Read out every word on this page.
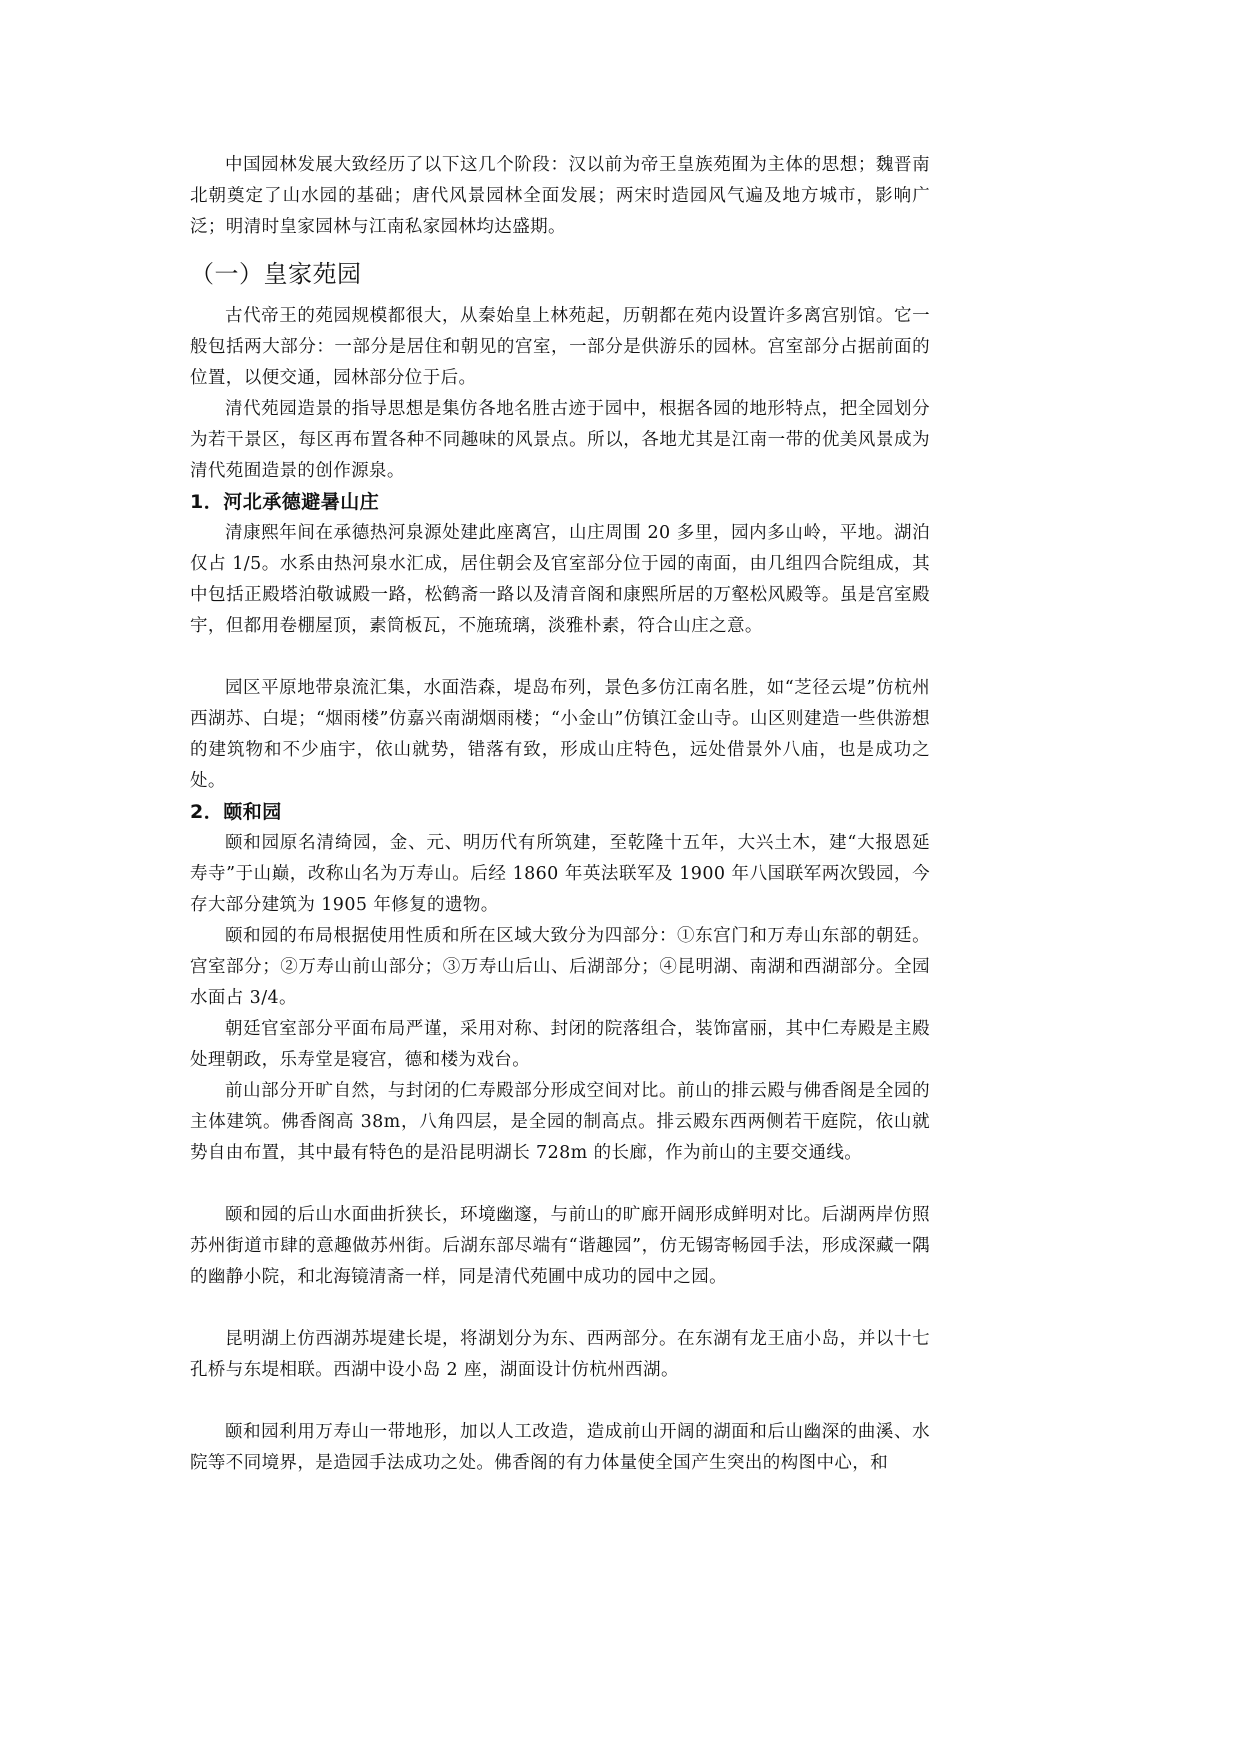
中国园林发展大致经历了以下这几个阶段：汉以前为帝王皇族苑囿为主体的思想；魏晋南北朝奠定了山水园的基础；唐代风景园林全面发展；两宋时造园风气遍及地方城市，影响广泛；明清时皇家园林与江南私家园林均达盛期。

（一）皇家苑园

古代帝王的苑园规模都很大，从秦始皇上林苑起，历朝都在苑内设置许多离宫别馆。它一般包括两大部分：一部分是居住和朝见的宫室，一部分是供游乐的园林。宫室部分占据前面的位置，以便交通，园林部分位于后。

清代苑园造景的指导思想是集仿各地名胜古迹于园中，根据各园的地形特点，把全园划分为若干景区，每区再布置各种不同趣味的风景点。所以，各地尤其是江南一带的优美风景成为清代苑囿造景的创作源泉。

1．河北承德避暑山庄

清康熙年间在承德热河泉源处建此座离宫，山庄周围 20 多里，园内多山岭，平地。湖泊仅占 1/5。水系由热河泉水汇成，居住朝会及官室部分位于园的南面，由几组四合院组成，其中包括正殿塔泊敬诚殿一路，松鹤斋一路以及清音阁和康熙所居的万壑松风殿等。虽是宫室殿宇，但都用卷棚屋顶，素筒板瓦，不施琉璃，淡雅朴素，符合山庄之意。

园区平原地带泉流汇集，水面浩森，堤岛布列，景色多仿江南名胜，如“芝径云堤”仿杭州西湖苏、白堤；“烟雨楼”仿嘉兴南湖烟雨楼；“小金山”仿镇江金山寺。山区则建造一些供游想的建筑物和不少庙宇，依山就势，错落有致，形成山庄特色，远处借景外八庙，也是成功之处。

2．颐和园

颐和园原名清绮园，金、元、明历代有所筑建，至乾隆十五年，大兴土木，建“大报恩延寿寺”于山巅，改称山名为万寿山。后经 1860 年英法联军及 1900 年八国联军两次毁园，今存大部分建筑为 1905 年修复的遗物。

颐和园的布局根据使用性质和所在区域大致分为四部分：①东宫门和万寿山东部的朝廷。宫室部分；②万寿山前山部分；③万寿山后山、后湖部分；④昆明湖、南湖和西湖部分。全园水面占 3/4。

朝廷官室部分平面布局严谨，采用对称、封闭的院落组合，装饰富丽，其中仁寿殿是主殿处理朝政，乐寿堂是寝宫，德和楼为戏台。

前山部分开旷自然，与封闭的仁寿殿部分形成空间对比。前山的排云殿与佛香阁是全园的主体建筑。佛香阁高 38m，八角四层，是全园的制高点。排云殿东西两侧若干庭院，依山就势自由布置，其中最有特色的是沿昆明湖长 728m 的长廊，作为前山的主要交通线。

颐和园的后山水面曲折狭长，环境幽邃，与前山的旷廊开阔形成鲜明对比。后湖两岸仿照苏州街道市肆的意趣做苏州街。后湖东部尽端有“谐趣园”，仿无锡寄畅园手法，形成深藏一隅的幽静小院，和北海镜清斋一样，同是清代苑圃中成功的园中之园。

昆明湖上仿西湖苏堤建长堤，将湖划分为东、西两部分。在东湖有龙王庙小岛，并以十七孔桥与东堤相联。西湖中设小岛 2 座，湖面设计仿杭州西湖。

颐和园利用万寿山一带地形，加以人工改造，造成前山开阔的湖面和后山幽深的曲溪、水院等不同境界，是造园手法成功之处。佛香阁的有力体量使全国产生突出的构图中心，和
